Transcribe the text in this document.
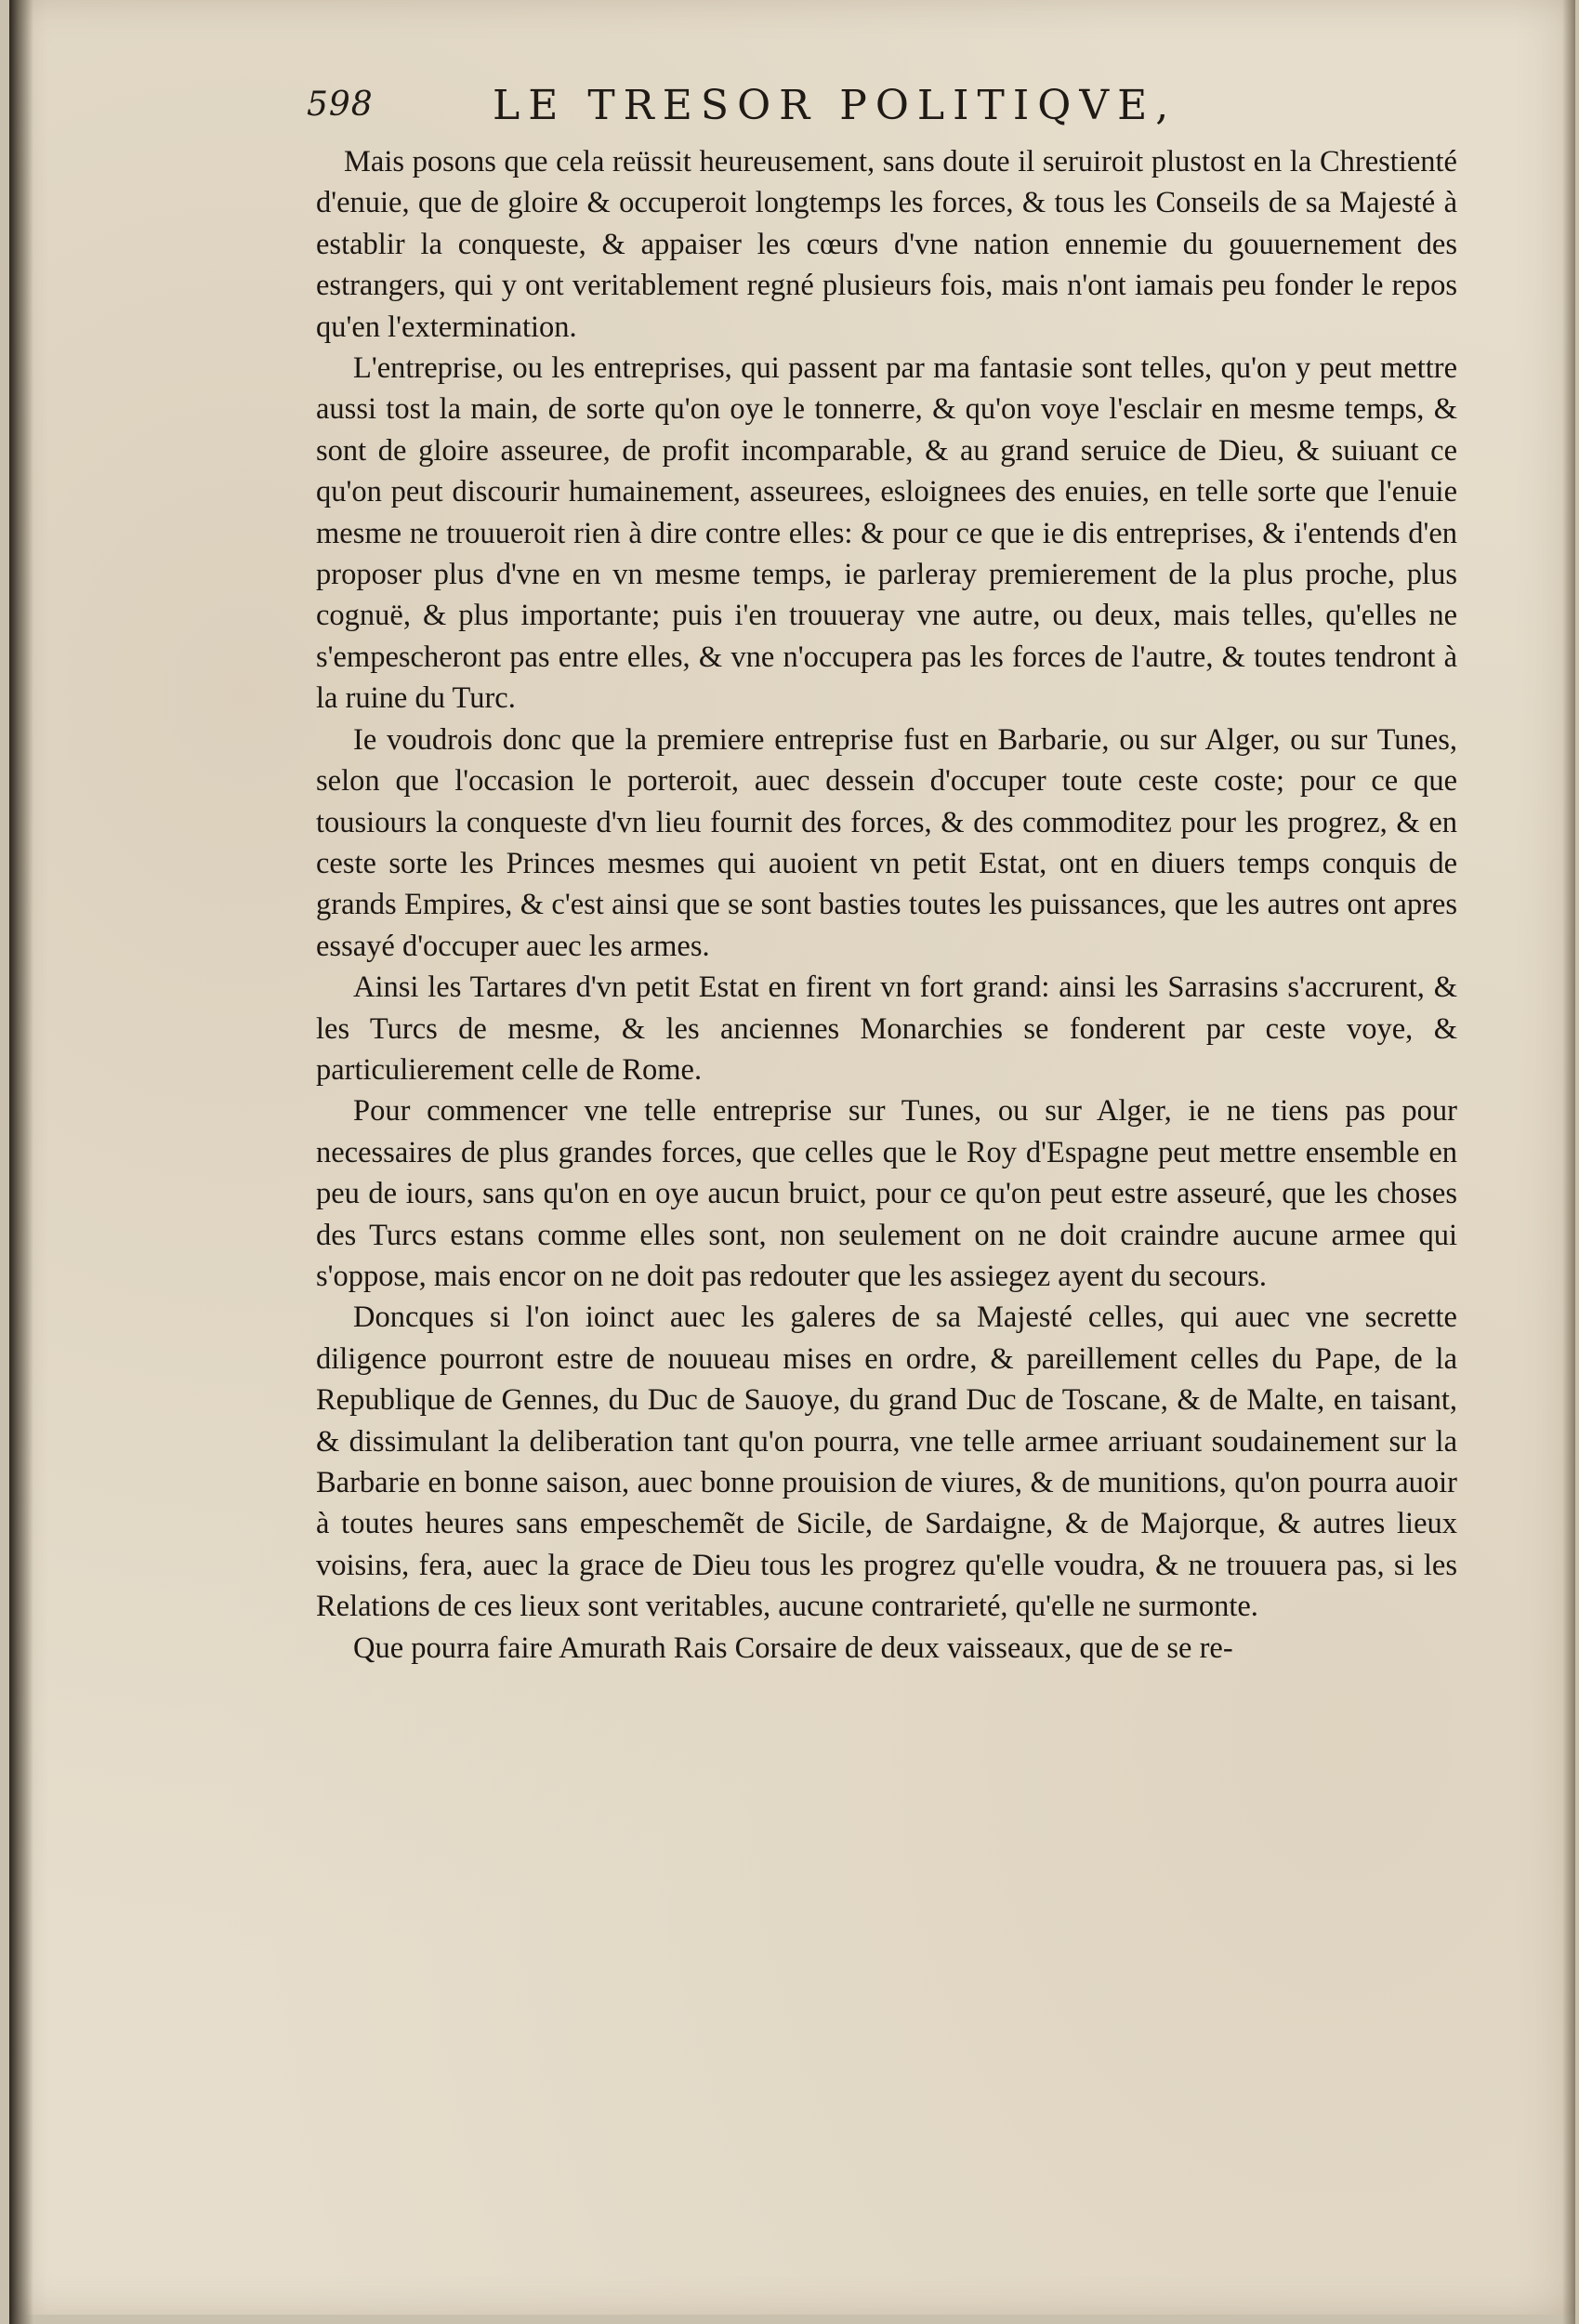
598	LE TRESOR POLITIQVE,

Mais posons que cela reüssit heureusement, sans doute il seruiroit plustost en la Chrestienté d'enuie, que de gloire & occuperoit longtemps les forces, & tous les Conseils de sa Majesté à establir la conqueste, & appaiser les cœurs d'vne nation ennemie du gouuernement des estrangers, qui y ont veritablement regné plusieurs fois, mais n'ont iamais peu fonder le repos qu'en l'extermination.

L'entreprise, ou les entreprises, qui passent par ma fantasie sont telles, qu'on y peut mettre aussi tost la main, de sorte qu'on oye le tonnerre, & qu'on voye l'esclair en mesme temps, & sont de gloire asseuree, de profit incomparable, & au grand seruice de Dieu, & suiuant ce qu'on peut discourir humainement, asseurees, esloignees des enuies, en telle sorte que l'enuie mesme ne trouueroit rien à dire contre elles: & pour ce que ie dis entreprises, & i'entends d'en proposer plus d'vne en vn mesme temps, ie parleray premierement de la plus proche, plus cognuë, & plus importante; puis i'en trouueray vne autre, ou deux, mais telles, qu'elles ne s'empescheront pas entre elles, & vne n'occupera pas les forces de l'autre, & toutes tendront à la ruine du Turc.

Ie voudrois donc que la premiere entreprise fust en Barbarie, ou sur Alger, ou sur Tunes, selon que l'occasion le porteroit, auec dessein d'occuper toute ceste coste; pour ce que tousiours la conqueste d'vn lieu fournit des forces, & des commoditez pour les progrez, & en ceste sorte les Princes mesmes qui auoient vn petit Estat, ont en diuers temps conquis de grands Empires, & c'est ainsi que se sont basties toutes les puissances, que les autres ont apres essayé d'occuper auec les armes.

Ainsi les Tartares d'vn petit Estat en firent vn fort grand: ainsi les Sarrasins s'accrurent, & les Turcs de mesme, & les anciennes Monarchies se fonderent par ceste voye, & particulierement celle de Rome.

Pour commencer vne telle entreprise sur Tunes, ou sur Alger, ie ne tiens pas pour necessaires de plus grandes forces, que celles que le Roy d'Espagne peut mettre ensemble en peu de iours, sans qu'on en oye aucun bruict, pour ce qu'on peut estre asseuré, que les choses des Turcs estans comme elles sont, non seulement on ne doit craindre aucune armee qui s'oppose, mais encor on ne doit pas redouter que les assiegez ayent du secours.

Doncques si l'on ioinct auec les galeres de sa Majesté celles, qui auec vne secrette diligence pourront estre de nouueau mises en ordre, & pareillement celles du Pape, de la Republique de Gennes, du Duc de Sauoye, du grand Duc de Toscane, & de Malte, en taisant, & dissimulant la deliberation tant qu'on pourra, vne telle armee arriuant soudainement sur la Barbarie en bonne saison, auec bonne prouision de viures, & de munitions, qu'on pourra auoir à toutes heures sans empeschemẽt de Sicile, de Sardaigne, & de Majorque, & autres lieux voisins, fera, auec la grace de Dieu tous les progrez qu'elle voudra, & ne trouuera pas, si les Relations de ces lieux sont veritables, aucune contrarieté, qu'elle ne surmonte.

Que pourra faire Amurath Rais Corsaire de deux vaisseaux, que de se re-
